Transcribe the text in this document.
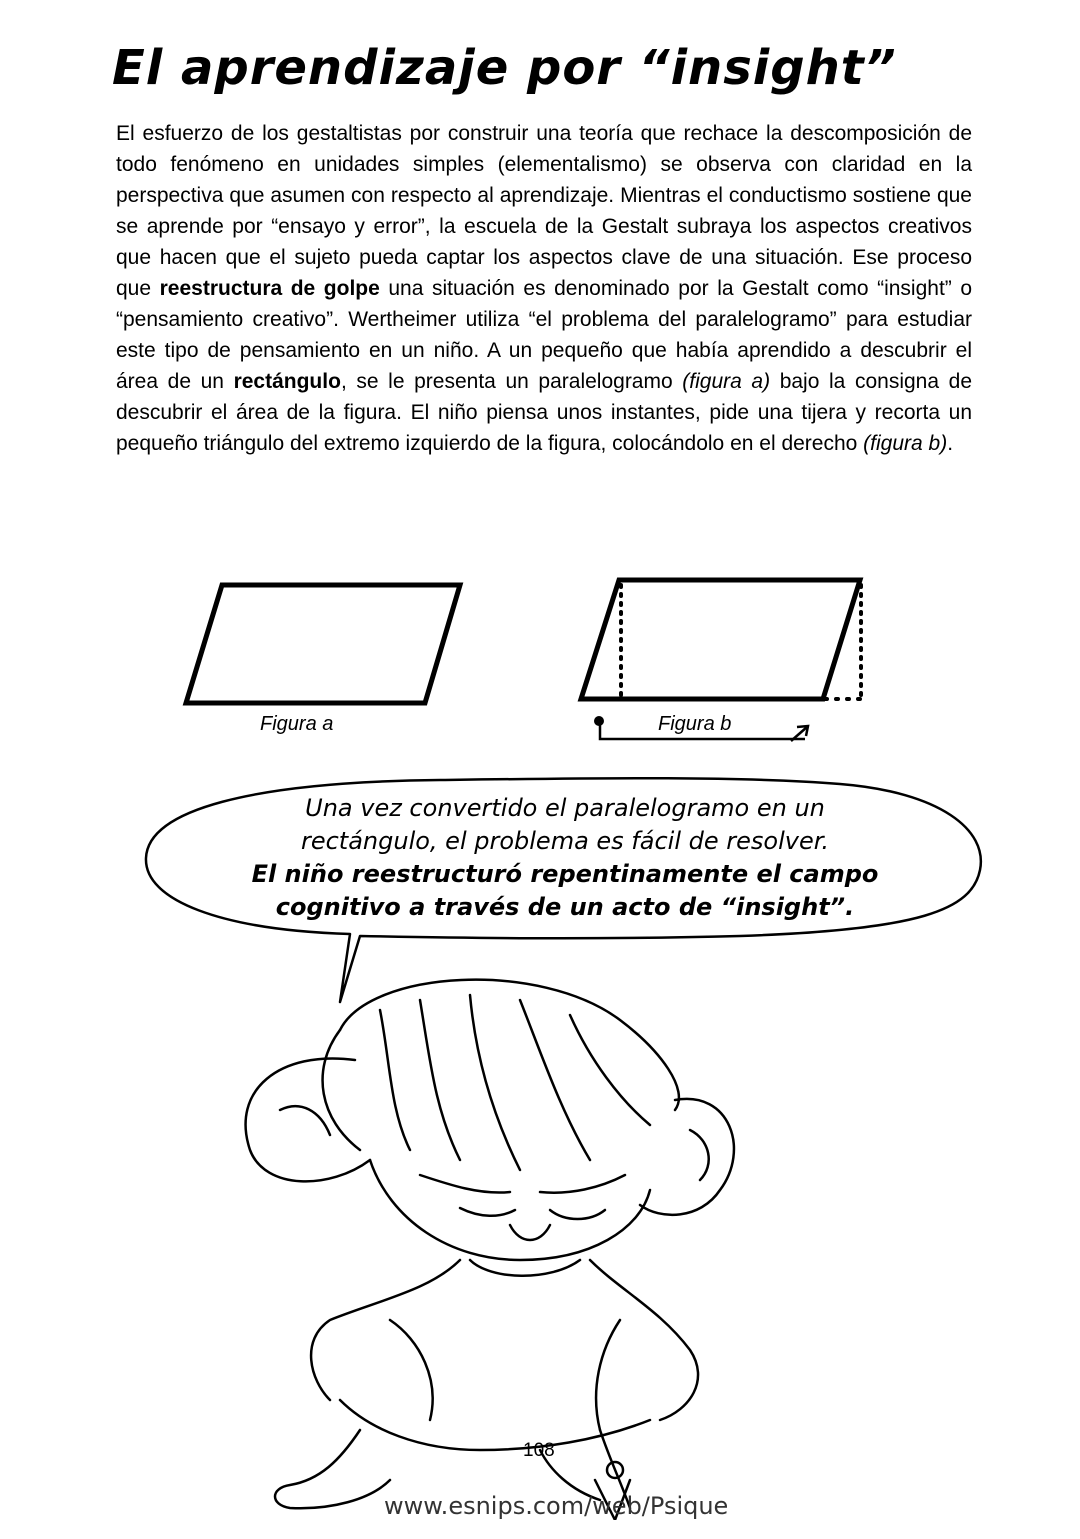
El aprendizaje por “insight”

El esfuerzo de los gestaltistas por construir una teoría que rechace la descomposición de todo fenómeno en unidades simples (elementalismo) se observa con claridad en la perspectiva que asumen con respecto al aprendizaje. Mientras el conductismo sostiene que se aprende por “ensayo y error”, la escuela de la Gestalt subraya los aspectos creativos que hacen que el sujeto pueda captar los aspectos clave de una situación. Ese proceso que reestructura de golpe una situación es denominado por la Gestalt como “insight” o “pensamiento creativo”. Wertheimer utiliza “el problema del paralelogramo” para estudiar este tipo de pensamiento en un niño. A un pequeño que había aprendido a descubrir el área de un rectángulo, se le presenta un paralelogramo (figura a) bajo la consigna de descubrir el área de la figura. El niño piensa unos instantes, pide una tijera y recorta un pequeño triángulo del extremo izquierdo de la figura, colocándolo en el derecho (figura b).

Figura a	Figura b
Una vez convertido el paralelogramo en un
rectángulo, el problema es fácil de resolver.
El niño reestructuró repentinamente el campo
cognitivo a través de un acto de “insight”.
108
www.esnips.com/web/Psique
